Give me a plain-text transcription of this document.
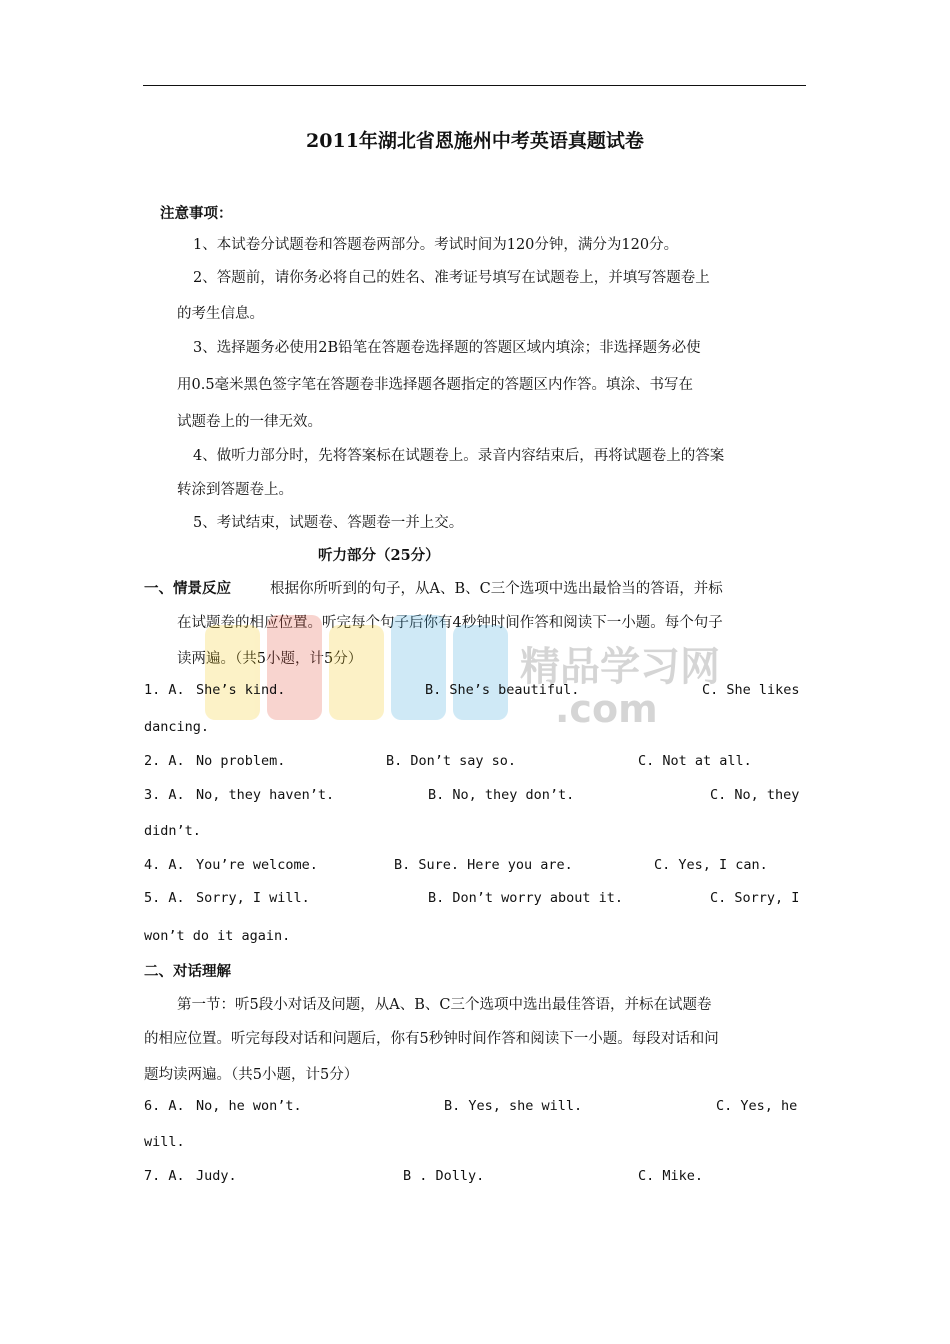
2011年湖北省恩施州中考英语真题试卷
注意事项：
1、本试卷分试题卷和答题卷两部分。考试时间为120分钟，满分为120分。
2、答题前，请你务必将自己的姓名、准考证号填写在试题卷上，并填写答题卷上
的考生信息。
3、选择题务必使用2B铅笔在答题卷选择题的答题区域内填涂；非选择题务必使
用0.5毫米黑色签字笔在答题卷非选择题各题指定的答题区内作答。填涂、书写在
试题卷上的一律无效。
4、做听力部分时，先将答案标在试题卷上。录音内容结束后，再将试题卷上的答案
转涂到答题卷上。
5、考试结束，试题卷、答题卷一并上交。
听力部分（25分）
一、情景反应	根据你所听到的句子，从A、B、C三个选项中选出最恰当的答语，并标
在试题卷的相应位置。听完每个句子后你有4秒钟时间作答和阅读下一小题。每个句子
读两遍。（共5小题，计5分）	精品学习网
.com
1. A. She’s kind.	B. She’s beautiful.	C. She likes
dancing.
2. A. No problem.	B. Don’t say so.	C. Not at all.
3. A. No, they haven’t.	B. No, they don’t.	C. No, they
didn’t.
4. A. You’re welcome.	B. Sure. Here you are.	C. Yes, I can.
5. A. Sorry, I will.	B. Don’t worry about it.	C. Sorry, I
won’t do it again.
二、对话理解
第一节：听5段小对话及问题，从A、B、C三个选项中选出最佳答语，并标在试题卷
的相应位置。听完每段对话和问题后，你有5秒钟时间作答和阅读下一小题。每段对话和问
题均读两遍。（共5小题，计5分）
6. A. No, he won’t.	B. Yes, she will.	C. Yes, he
will.
7. A. Judy.	B . Dolly.	C. Mike.
